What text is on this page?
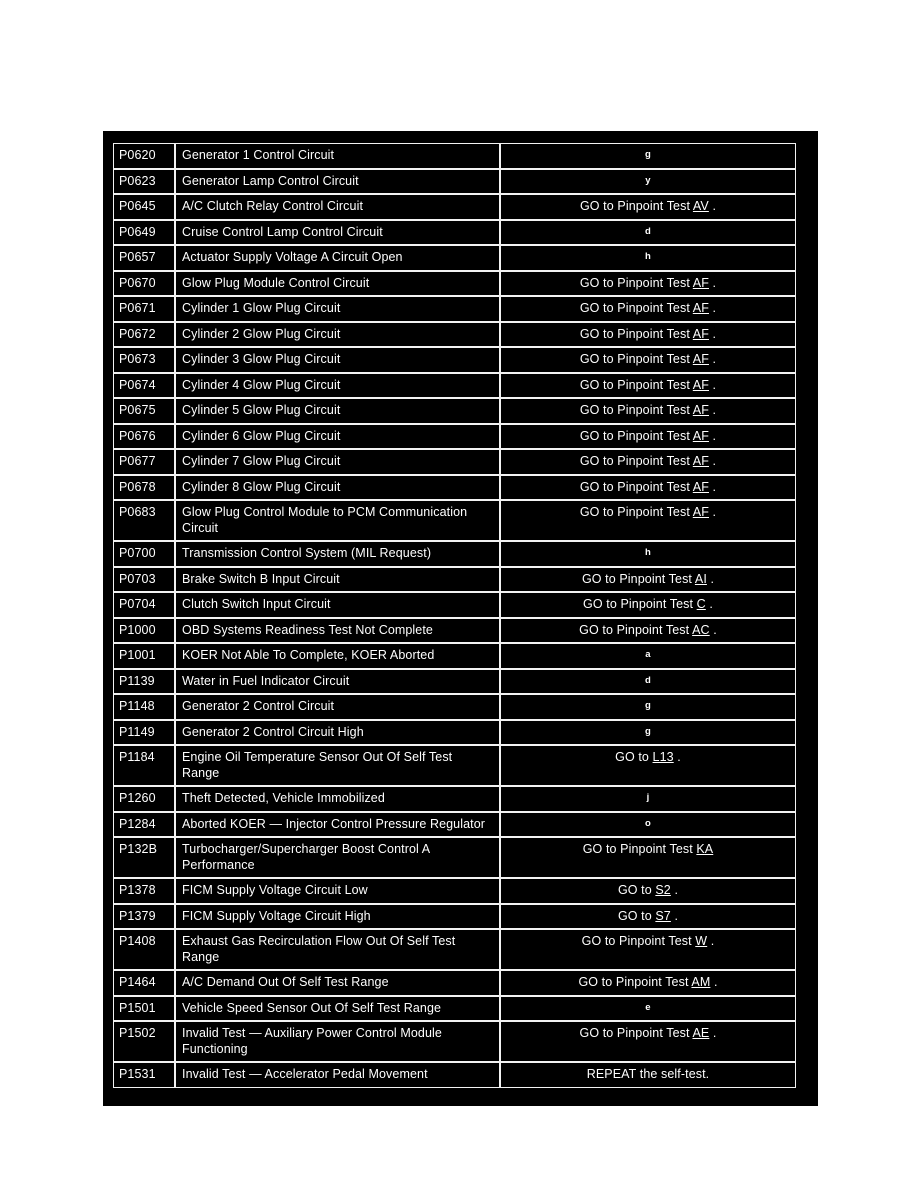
P0620	Generator 1 Control Circuit	g
P0623	Generator Lamp Control Circuit	y
P0645	A/C Clutch Relay Control Circuit	GO to Pinpoint Test AV .
P0649	Cruise Control Lamp Control Circuit	d
P0657	Actuator Supply Voltage A Circuit Open	h
P0670	Glow Plug Module Control Circuit	GO to Pinpoint Test AF .
P0671	Cylinder 1 Glow Plug Circuit	GO to Pinpoint Test AF .
P0672	Cylinder 2 Glow Plug Circuit	GO to Pinpoint Test AF .
P0673	Cylinder 3 Glow Plug Circuit	GO to Pinpoint Test AF .
P0674	Cylinder 4 Glow Plug Circuit	GO to Pinpoint Test AF .
P0675	Cylinder 5 Glow Plug Circuit	GO to Pinpoint Test AF .
P0676	Cylinder 6 Glow Plug Circuit	GO to Pinpoint Test AF .
P0677	Cylinder 7 Glow Plug Circuit	GO to Pinpoint Test AF .
P0678	Cylinder 8 Glow Plug Circuit	GO to Pinpoint Test AF .
P0683	Glow Plug Control Module to PCM Communication Circuit	GO to Pinpoint Test AF .
P0700	Transmission Control System (MIL Request)	h
P0703	Brake Switch B Input Circuit	GO to Pinpoint Test AI .
P0704	Clutch Switch Input Circuit	GO to Pinpoint Test C .
P1000	OBD Systems Readiness Test Not Complete	GO to Pinpoint Test AC .
P1001	KOER Not Able To Complete, KOER Aborted	a
P1139	Water in Fuel Indicator Circuit	d
P1148	Generator 2 Control Circuit	g
P1149	Generator 2 Control Circuit High	g
P1184	Engine Oil Temperature Sensor Out Of Self Test Range	GO to L13 .
P1260	Theft Detected, Vehicle Immobilized	j
P1284	Aborted KOER — Injector Control Pressure Regulator	o
P132B	Turbocharger/Supercharger Boost Control A Performance	GO to Pinpoint Test KA
P1378	FICM Supply Voltage Circuit Low	GO to S2 .
P1379	FICM Supply Voltage Circuit High	GO to S7 .
P1408	Exhaust Gas Recirculation Flow Out Of Self Test Range	GO to Pinpoint Test W .
P1464	A/C Demand Out Of Self Test Range	GO to Pinpoint Test AM .
P1501	Vehicle Speed Sensor Out Of Self Test Range	e
P1502	Invalid Test — Auxiliary Power Control Module Functioning	GO to Pinpoint Test AE .
P1531	Invalid Test — Accelerator Pedal Movement	REPEAT the self-test.
